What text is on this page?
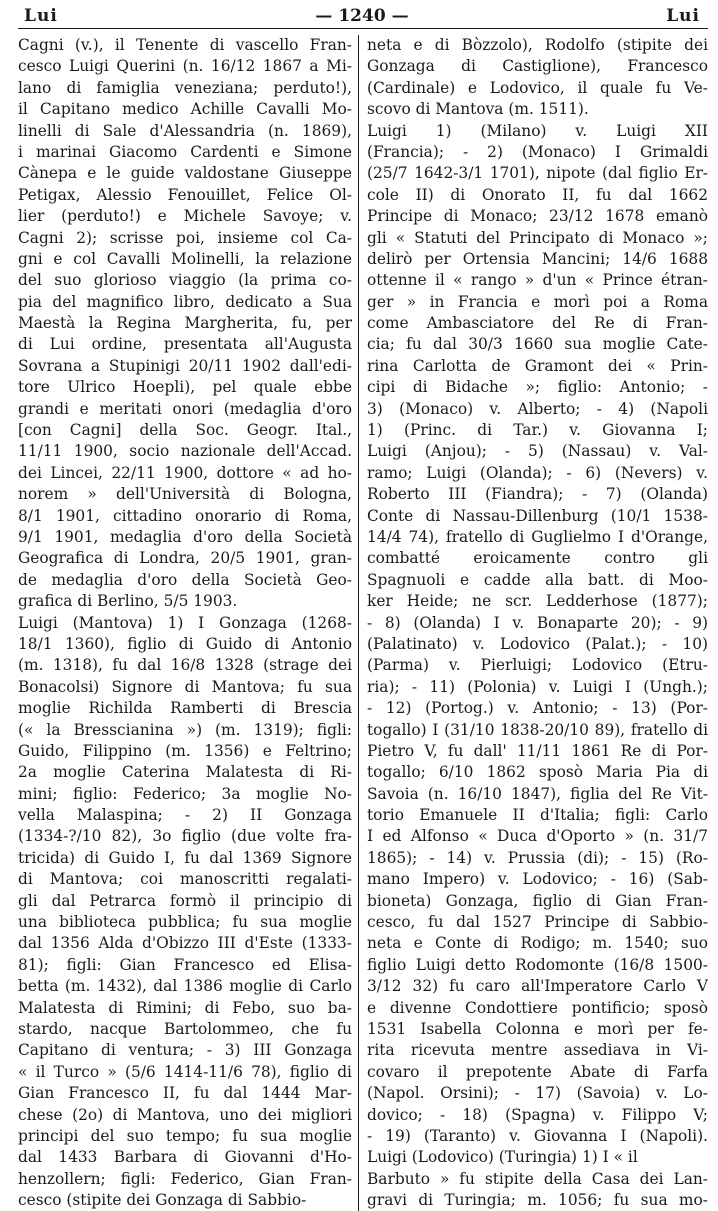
Lui	— 1240 —	Lui
Cagni (v.), il Tenente di vascello Fran-
cesco Luigi Querini (n. 16/12 1867 a Mi-
lano di famiglia veneziana; perduto!),
il Capitano medico Achille Cavalli Mo-
linelli di Sale d'Alessandria (n. 1869),
i marinai Giacomo Cardenti e Simone
Cànepa e le guide valdostane Giuseppe
Petigax, Alessio Fenouillet, Felice Ol-
lier (perduto!) e Michele Savoye; v.
Cagni 2); scrisse poi, insieme col Ca-
gni e col Cavalli Molinelli, la relazione
del suo glorioso viaggio (la prima co-
pia del magnifico libro, dedicato a Sua
Maestà la Regina Margherita, fu, per
di Lui ordine, presentata all'Augusta
Sovrana a Stupinigi 20/11 1902 dall'edi-
tore Ulrico Hoepli), pel quale ebbe
grandi e meritati onori (medaglia d'oro
[con Cagni] della Soc. Geogr. Ital.,
11/11 1900, socio nazionale dell'Accad.
dei Lincei, 22/11 1900, dottore « ad ho-
norem » dell'Università di Bologna,
8/1 1901, cittadino onorario di Roma,
9/1 1901, medaglia d'oro della Società
Geografica di Londra, 20/5 1901, gran-
de medaglia d'oro della Società Geo-
grafica di Berlino, 5/5 1903.
Luigi (Mantova) 1) I Gonzaga (1268-
18/1 1360), figlio di Guido di Antonio
(m. 1318), fu dal 16/8 1328 (strage dei
Bonacolsi) Signore di Mantova; fu sua
moglie Richilda Ramberti di Brescia
(« la Bresscianina ») (m. 1319); figli:
Guido, Filippino (m. 1356) e Feltrino;
2a moglie Caterina Malatesta di Ri-
mini; figlio: Federico; 3a moglie No-
vella Malaspina; - 2) II Gonzaga
(1334-?/10 82), 3o figlio (due volte fra-
tricida) di Guido I, fu dal 1369 Signore
di Mantova; coi manoscritti regalati-
gli dal Petrarca formò il principio di
una biblioteca pubblica; fu sua moglie
dal 1356 Alda d'Obizzo III d'Este (1333-
81); figli: Gian Francesco ed Elisa-
betta (m. 1432), dal 1386 moglie di Carlo
Malatesta di Rimini; di Febo, suo ba-
stardo, nacque Bartolommeo, che fu
Capitano di ventura; - 3) III Gonzaga
« il Turco » (5/6 1414-11/6 78), figlio di
Gian Francesco II, fu dal 1444 Mar-
chese (2o) di Mantova, uno dei migliori
principi del suo tempo; fu sua moglie
dal 1433 Barbara di Giovanni d'Ho-
henzollern; figli: Federico, Gian Fran-
cesco (stipite dei Gonzaga di Sabbio-
neta e di Bòzzolo), Rodolfo (stipite dei
Gonzaga di Castiglione), Francesco
(Cardinale) e Lodovico, il quale fu Ve-
scovo di Mantova (m. 1511).
Luigi 1) (Milano) v. Luigi XII
(Francia); - 2) (Monaco) I Grimaldi
(25/7 1642-3/1 1701), nipote (dal figlio Er-
cole II) di Onorato II, fu dal 1662
Principe di Monaco; 23/12 1678 emanò
gli « Statuti del Principato di Monaco »;
delirò per Ortensia Mancini; 14/6 1688
ottenne il « rango » d'un « Prince étran-
ger » in Francia e morì poi a Roma
come Ambasciatore del Re di Fran-
cia; fu dal 30/3 1660 sua moglie Cate-
rina Carlotta de Gramont dei « Prin-
cipi di Bidache »; figlio: Antonio; -
3) (Monaco) v. Alberto; - 4) (Napoli
1) (Princ. di Tar.) v. Giovanna I;
Luigi (Anjou); - 5) (Nassau) v. Val-
ramo; Luigi (Olanda); - 6) (Nevers) v.
Roberto III (Fiandra); - 7) (Olanda)
Conte di Nassau-Dillenburg (10/1 1538-
14/4 74), fratello di Guglielmo I d'Orange,
combatté eroicamente contro gli
Spagnuoli e cadde alla batt. di Moo-
ker Heide; ne scr. Ledderhose (1877);
- 8) (Olanda) I v. Bonaparte 20); - 9)
(Palatinato) v. Lodovico (Palat.); - 10)
(Parma) v. Pierluigi; Lodovico (Etru-
ria); - 11) (Polonia) v. Luigi I (Ungh.);
- 12) (Portog.) v. Antonio; - 13) (Por-
togallo) I (31/10 1838-20/10 89), fratello di
Pietro V, fu dall' 11/11 1861 Re di Por-
togallo; 6/10 1862 sposò Maria Pia di
Savoia (n. 16/10 1847), figlia del Re Vit-
torio Emanuele II d'Italia; figli: Carlo
I ed Alfonso « Duca d'Oporto » (n. 31/7
1865); - 14) v. Prussia (di); - 15) (Ro-
mano Impero) v. Lodovico; - 16) (Sab-
bioneta) Gonzaga, figlio di Gian Fran-
cesco, fu dal 1527 Principe di Sabbio-
neta e Conte di Rodigo; m. 1540; suo
figlio Luigi detto Rodomonte (16/8 1500-
3/12 32) fu caro all'Imperatore Carlo V
e divenne Condottiere pontificio; sposò
1531 Isabella Colonna e morì per fe-
rita ricevuta mentre assediava in Vi-
covaro il prepotente Abate di Farfa
(Napol. Orsini); - 17) (Savoia) v. Lo-
dovico; - 18) (Spagna) v. Filippo V;
- 19) (Taranto) v. Giovanna I (Napoli).
Luigi (Lodovico) (Turingia) 1) I « il
Barbuto » fu stipite della Casa dei Lan-
gravi di Turingia; m. 1056; fu sua mo-
